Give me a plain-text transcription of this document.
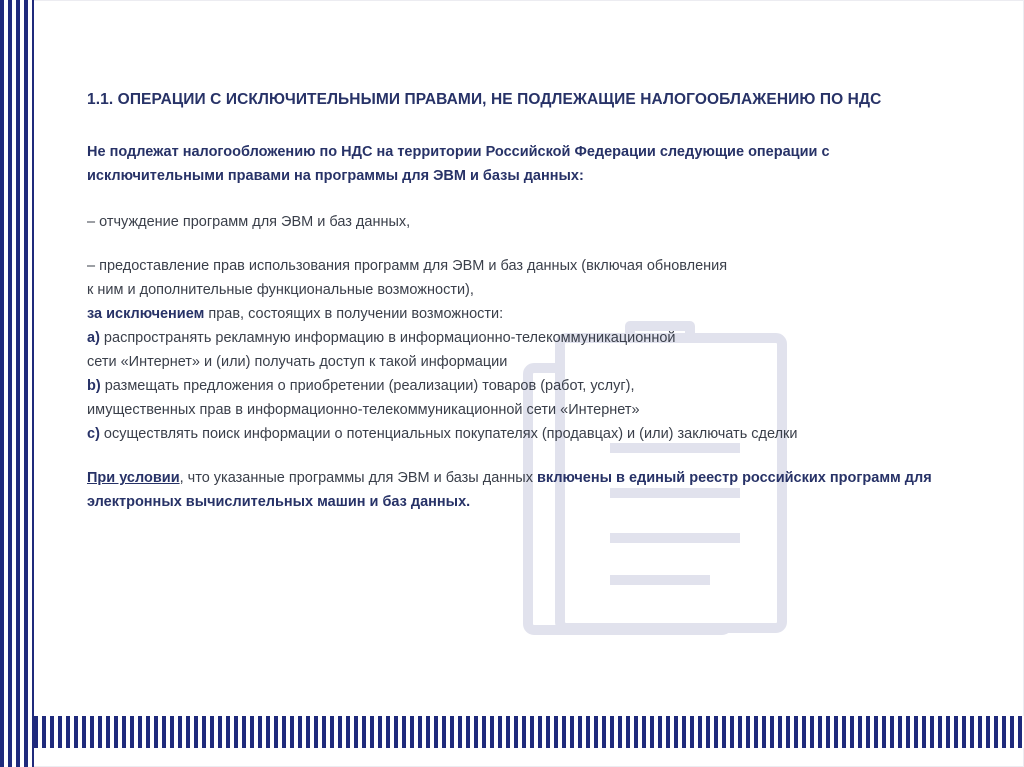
1.1. ОПЕРАЦИИ С ИСКЛЮЧИТЕЛЬНЫМИ ПРАВАМИ, НЕ ПОДЛЕЖАЩИЕ НАЛОГООБЛАЖЕНИЮ ПО НДС

Не подлежат налогообложению по НДС на территории Российской Федерации следующие операции с исключительными правами на программы для ЭВМ и базы данных:

– отчуждение программ для ЭВМ и баз данных,

– предоставление прав использования программ для ЭВМ и баз данных (включая обновления
к ним и дополнительные функциональные возможности),
за исключением прав, состоящих в получении возможности:
а) распространять рекламную информацию в информационно-телекоммуникационной
сети «Интернет» и (или) получать доступ к такой информации
b) размещать предложения о приобретении (реализации) товаров (работ, услуг),
имущественных прав в информационно-телекоммуникационной сети «Интернет»
с) осуществлять поиск информации о потенциальных покупателях (продавцах) и (или) заключать сделки

При условии, что указанные программы для ЭВМ и базы данных включены в единый реестр российских программ для электронных вычислительных машин и баз данных.
